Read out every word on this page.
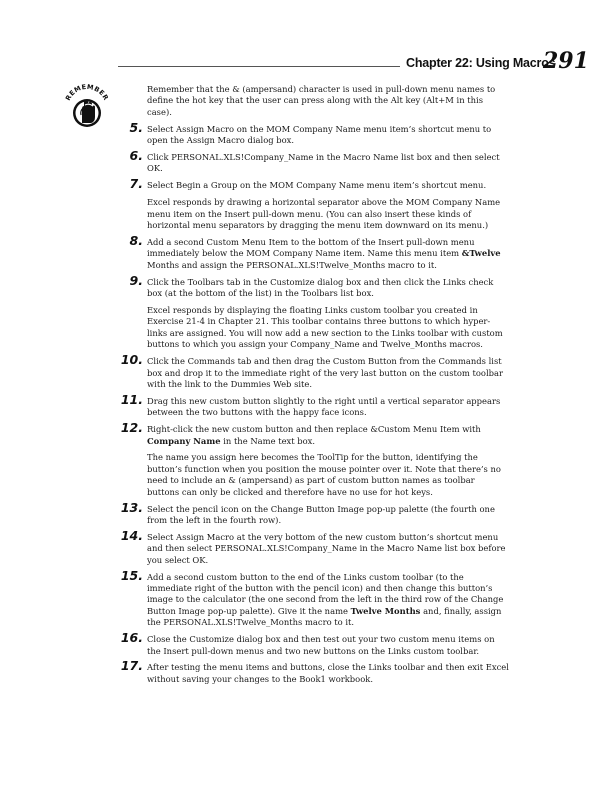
Chapter 22: Using Macros
291
REMEMBER

Remember that the & (ampersand) character is used in pull-down menu names to define the hot key that the user can press along with the Alt key (Alt+M in this case).

5. Select Assign Macro on the MOM Company Name menu item’s shortcut menu to open the Assign Macro dialog box.
6. Click PERSONAL.XLS!Company_Name in the Macro Name list box and then select OK.
7. Select Begin a Group on the MOM Company Name menu item’s shortcut menu.

Excel responds by drawing a horizontal separator above the MOM Company Name menu item on the Insert pull-down menu. (You can also insert these kinds of horizontal menu separators by dragging the menu item downward on its menu.)

8. Add a second Custom Menu Item to the bottom of the Insert pull-down menu immediately below the MOM Company Name item. Name this menu item &Twelve Months and assign the PERSONAL.XLS!Twelve_Months macro to it.
9. Click the Toolbars tab in the Customize dialog box and then click the Links check box (at the bottom of the list) in the Toolbars list box.

Excel responds by displaying the floating Links custom toolbar you created in Exercise 21-4 in Chapter 21. This toolbar contains three buttons to which hyper-links are assigned. You will now add a new section to the Links toolbar with custom buttons to which you assign your Company_Name and Twelve_Months macros.

10. Click the Commands tab and then drag the Custom Button from the Commands list box and drop it to the immediate right of the very last button on the custom toolbar with the link to the Dummies Web site.
11. Drag this new custom button slightly to the right until a vertical separator appears between the two buttons with the happy face icons.
12. Right-click the new custom button and then replace &Custom Menu Item with Company Name in the Name text box.

The name you assign here becomes the ToolTip for the button, identifying the button’s function when you position the mouse pointer over it. Note that there’s no need to include an & (ampersand) as part of custom button names as toolbar buttons can only be clicked and therefore have no use for hot keys.

13. Select the pencil icon on the Change Button Image pop-up palette (the fourth one from the left in the fourth row).
14. Select Assign Macro at the very bottom of the new custom button’s shortcut menu and then select PERSONAL.XLS!Company_Name in the Macro Name list box before you select OK.
15. Add a second custom button to the end of the Links custom toolbar (to the immediate right of the button with the pencil icon) and then change this button’s image to the calculator (the one second from the left in the third row of the Change Button Image pop-up palette). Give it the name Twelve Months and, finally, assign the PERSONAL.XLS!Twelve_Months macro to it.
16. Close the Customize dialog box and then test out your two custom menu items on the Insert pull-down menus and two new buttons on the Links custom toolbar.
17. After testing the menu items and buttons, close the Links toolbar and then exit Excel without saving your changes to the Book1 workbook.
